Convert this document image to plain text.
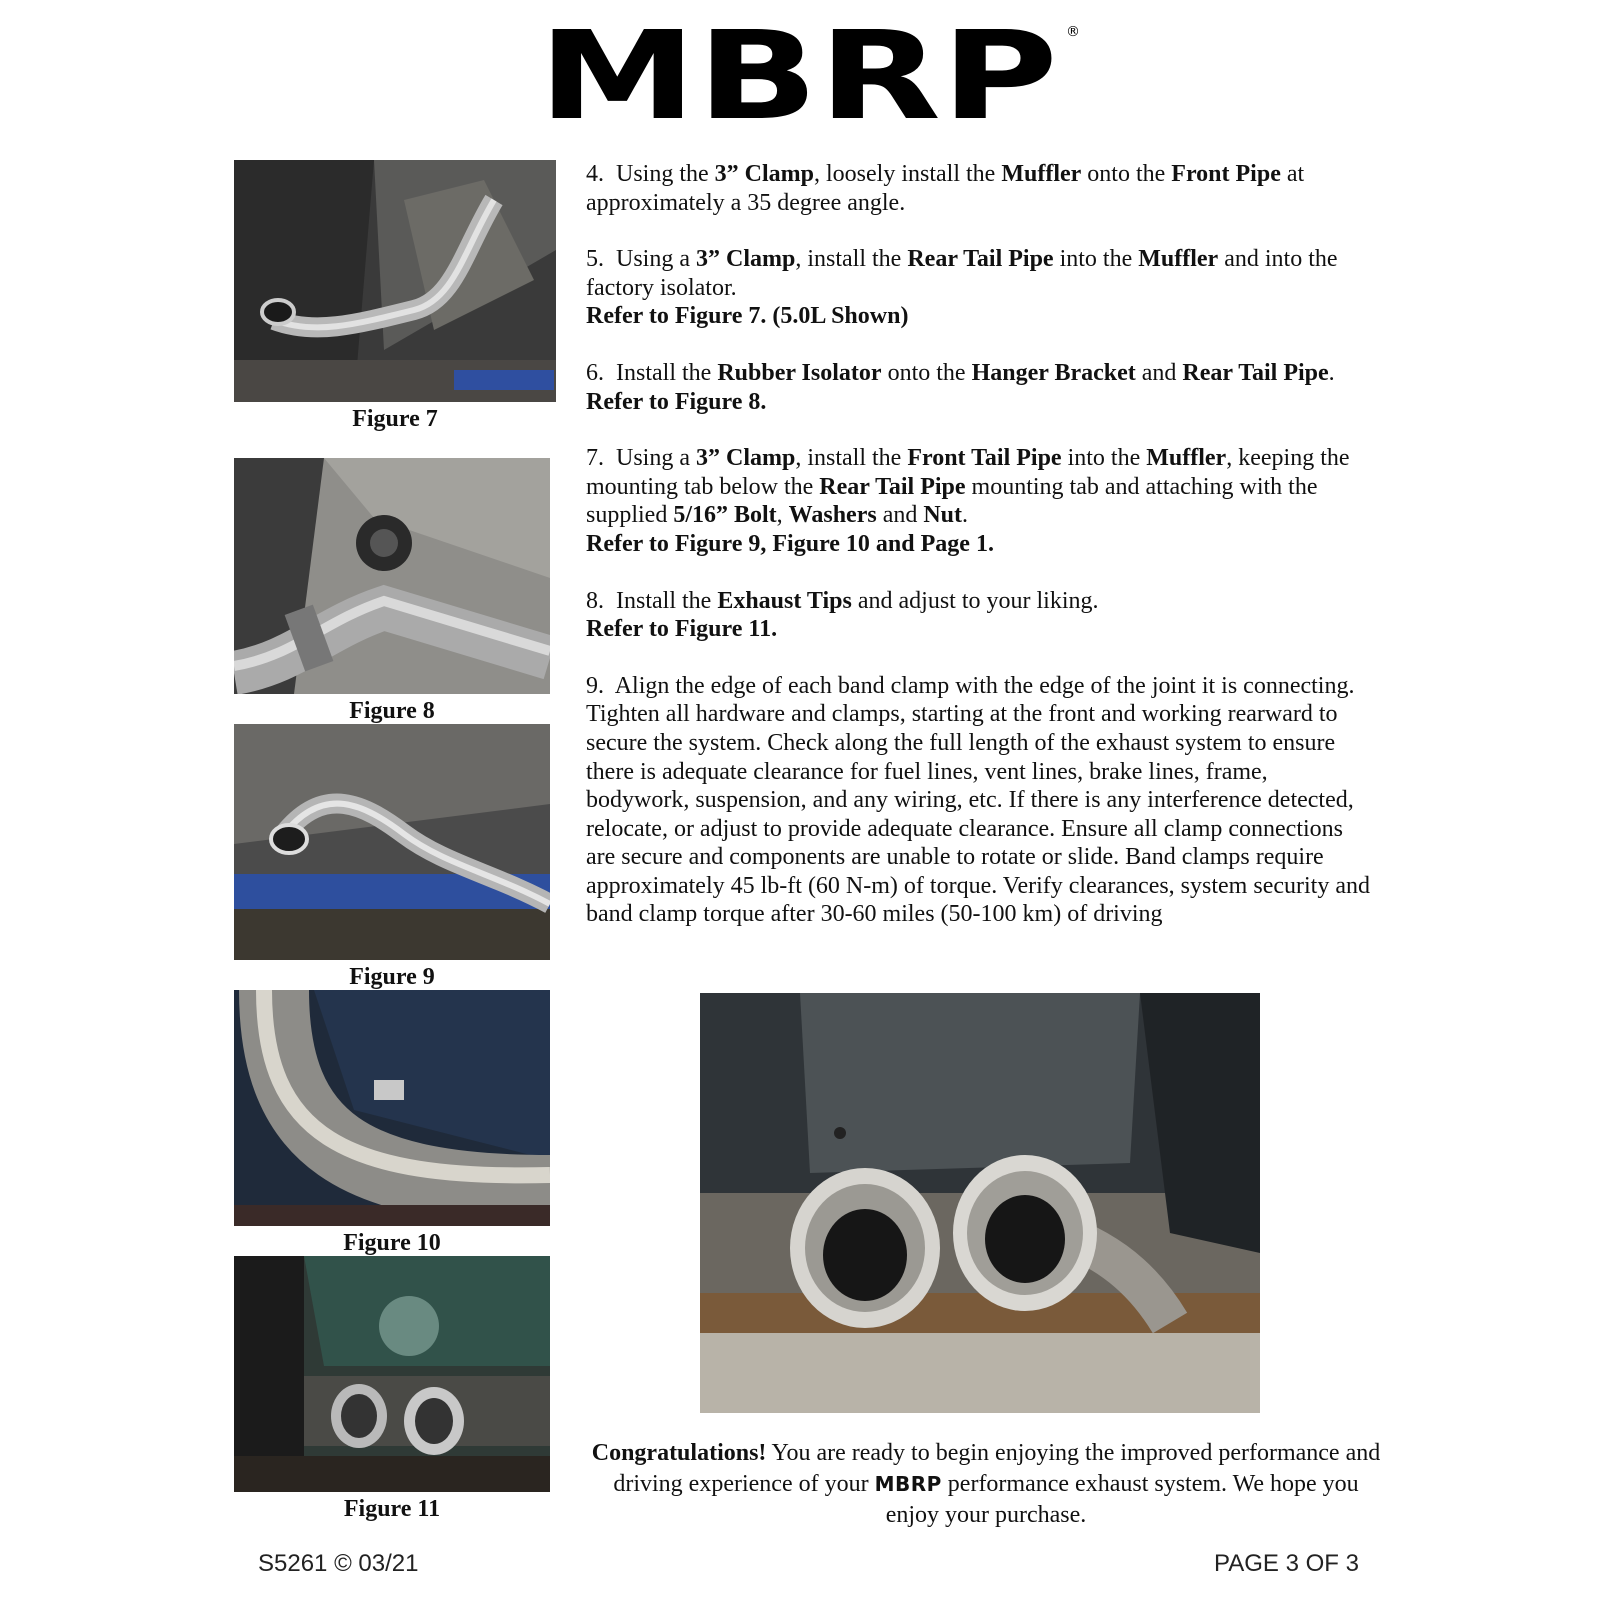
MBRP ®
Figure 7
Figure 8
Figure 9
Figure 10
Figure 11

4. Using the 3” Clamp, loosely install the Muffler onto the Front Pipe at approximately a 35 degree angle.

5. Using a 3” Clamp, install the Rear Tail Pipe into the Muffler and into the factory isolator.
Refer to Figure 7. (5.0L Shown)

6. Install the Rubber Isolator onto the Hanger Bracket and Rear Tail Pipe.
Refer to Figure 8.

7. Using a 3” Clamp, install the Front Tail Pipe into the Muffler, keeping the mounting tab below the Rear Tail Pipe mounting tab and attaching with the supplied 5/16” Bolt, Washers and Nut.
Refer to Figure 9, Figure 10 and Page 1.

8. Install the Exhaust Tips and adjust to your liking.
Refer to Figure 11.

9. Align the edge of each band clamp with the edge of the joint it is connecting. Tighten all hardware and clamps, starting at the front and working rearward to secure the system. Check along the full length of the exhaust system to ensure there is adequate clearance for fuel lines, vent lines, brake lines, frame, bodywork, suspension, and any wiring, etc. If there is any interference detected, relocate, or adjust to provide adequate clearance. Ensure all clamp connections are secure and components are unable to rotate or slide. Band clamps require approximately 45 lb-ft (60 N-m) of torque. Verify clearances, system security and band clamp torque after 30-60 miles (50-100 km) of driving

Congratulations! You are ready to begin enjoying the improved performance and driving experience of your MBRP performance exhaust system. We hope you enjoy your purchase.
S5261 © 03/21	PAGE 3 OF 3
